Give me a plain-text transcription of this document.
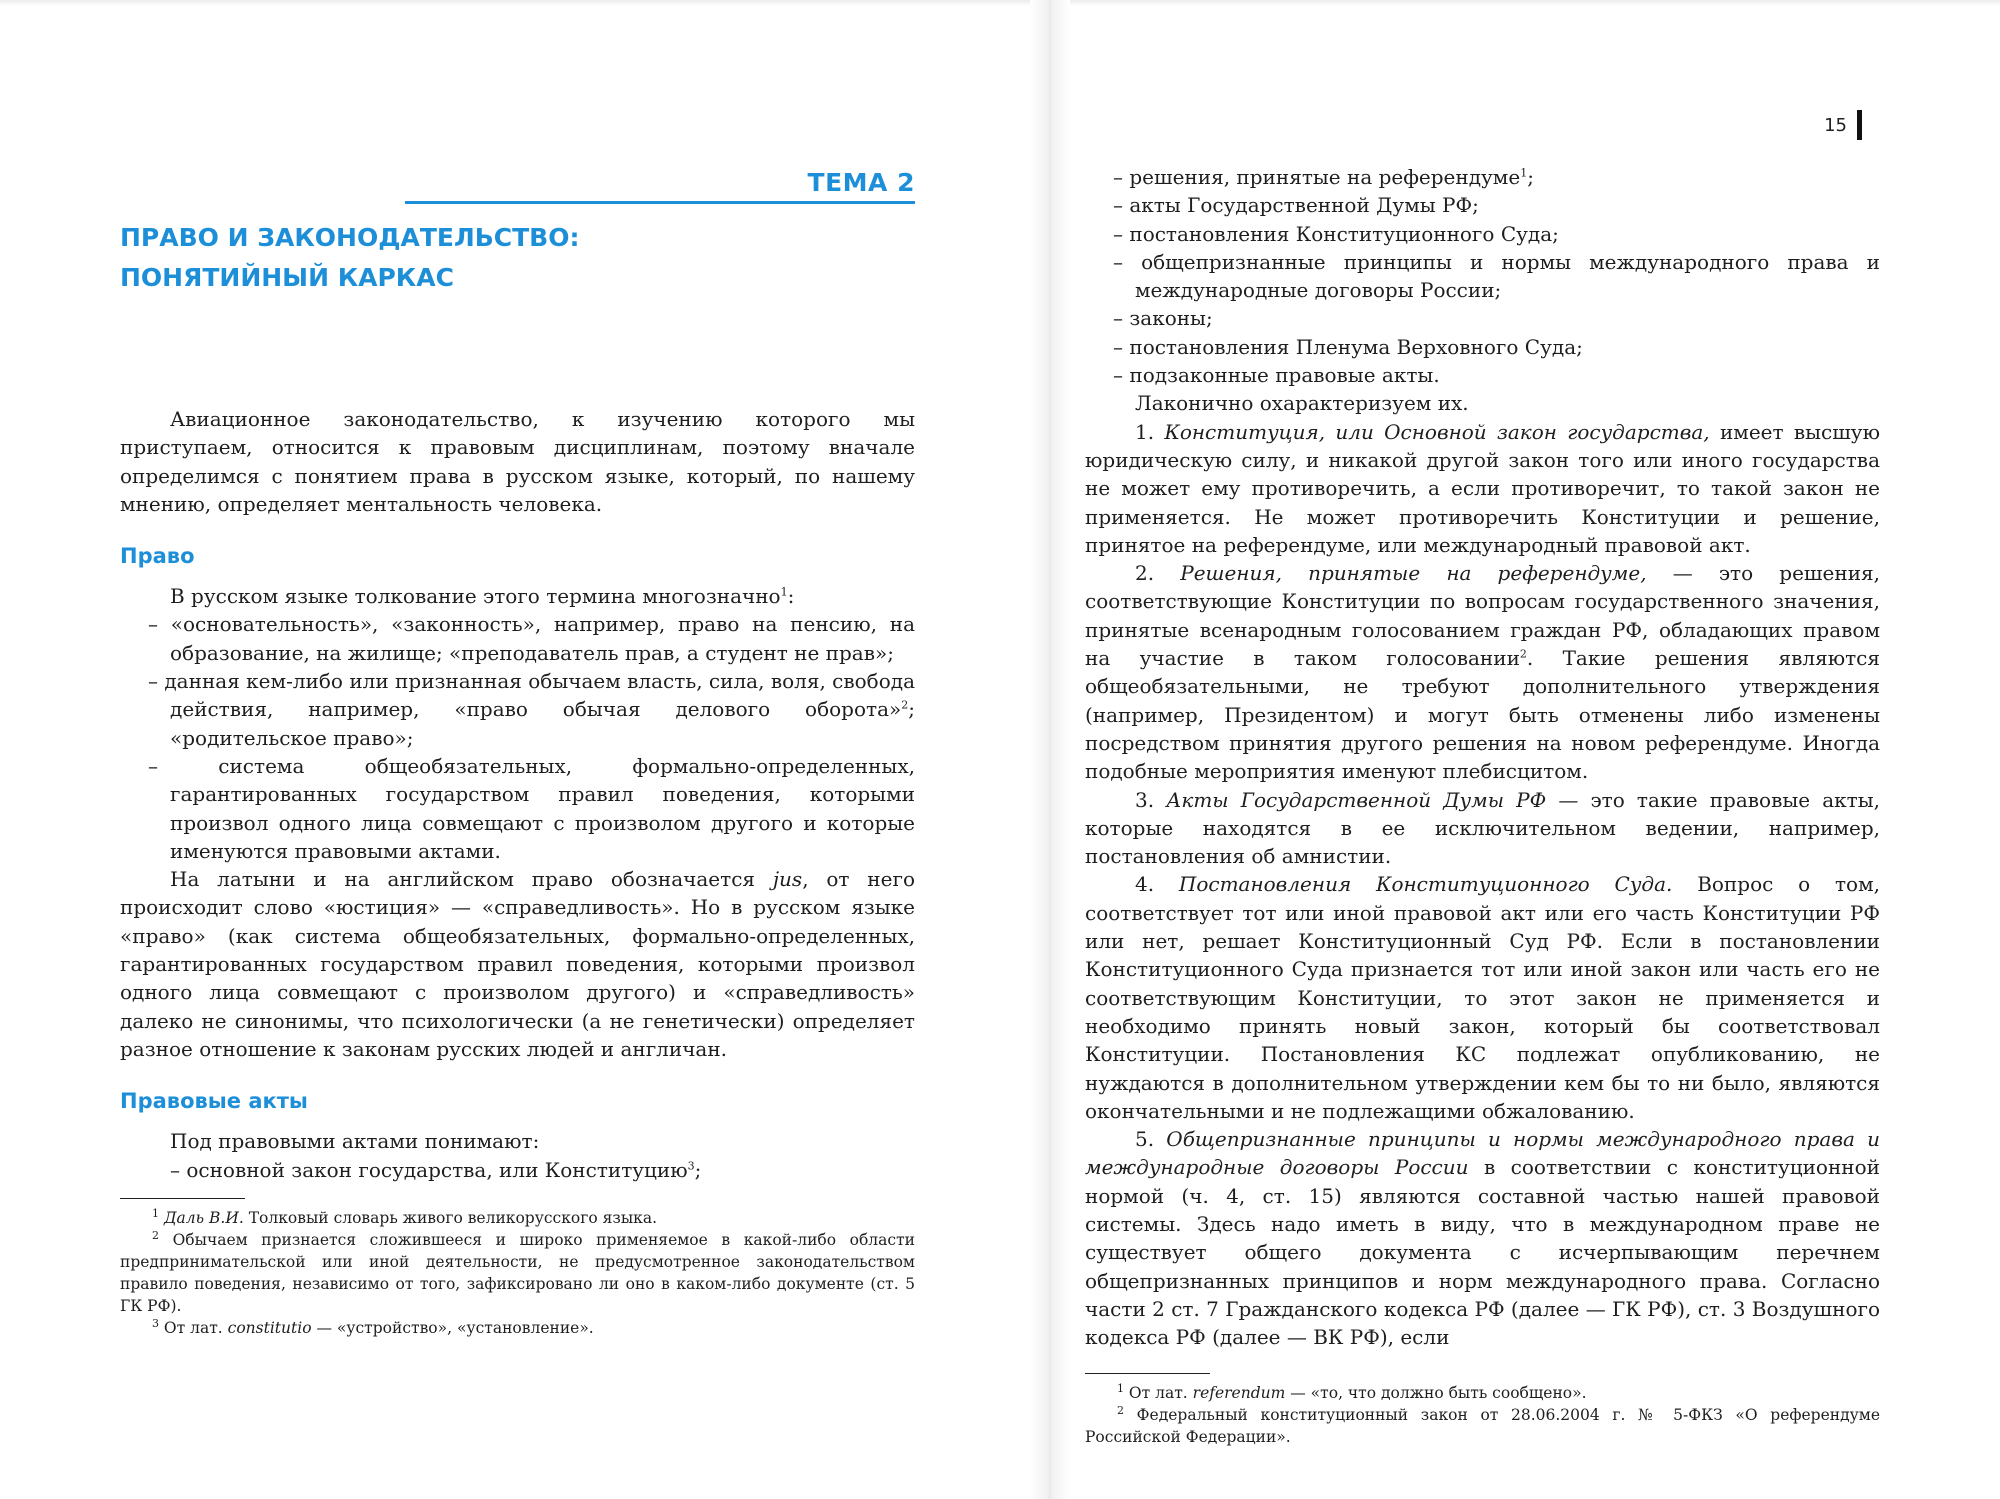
ТЕМА 2
ПРАВО И ЗАКОНОДАТЕЛЬСТВО:
ПОНЯТИЙНЫЙ КАРКАС

Авиационное законодательство, к изучению которого мы приступаем, относится к правовым дисциплинам, поэтому вначале определимся с понятием права в русском языке, который, по нашему мнению, определяет ментальность человека.

Право

В русском языке толкование этого термина многозначно$^1$:

– «основательность», «законность», например, право на пенсию, на образование, на жилище; «преподаватель прав, а студент не прав»;

– данная кем-либо или признанная обычаем власть, сила, воля, свобода действия, например, «право обычая делового оборота»$^2$; «родительское право»;

– система общеобязательных, формально-определенных, гарантированных государством правил поведения, которыми произвол одного лица совмещают с произволом другого и которые именуются правовыми актами.

На латыни и на английском право обозначается jus, от него происходит слово «юстиция» — «справедливость». Но в русском языке «право» (как система общеобязательных, формально-определенных, гарантированных государством правил поведения, которыми произвол одного лица совмещают с произволом другого) и «справедливость» далеко не синонимы, что психологически (а не генетически) определяет разное отношение к законам русских людей и англичан.

Правовые акты

Под правовыми актами понимают:

– основной закон государства, или Конституцию$^3$;

$^1$ Даль В.И. Толковый словарь живого великорусского языка.

$^2$ Обычаем признается сложившееся и широко применяемое в какой-либо области предпринимательской или иной деятельности, не предусмотренное законодательством правило поведения, независимо от того, зафиксировано ли оно в каком-либо документе (ст. 5 ГК РФ).

$^3$ От лат. constitutio — «устройство», «установление».

15

– решения, принятые на референдуме$^1$;

– акты Государственной Думы РФ;

– постановления Конституционного Суда;

– общепризнанные принципы и нормы международного права и международные договоры России;

– законы;

– постановления Пленума Верховного Суда;

– подзаконные правовые акты.

Лаконично охарактеризуем их.

1. Конституция, или Основной закон государства, имеет высшую юридическую силу, и никакой другой закон того или иного государства не может ему противоречить, а если противоречит, то такой закон не применяется. Не может противоречить Конституции и решение, принятое на референдуме, или международный правовой акт.

2. Решения, принятые на референдуме, — это решения, соответствующие Конституции по вопросам государственного значения, принятые всенародным голосованием граждан РФ, обладающих правом на участие в таком голосовании$^2$. Такие решения являются общеобязательными, не требуют дополнительного утверждения (например, Президентом) и могут быть отменены либо изменены посредством принятия другого решения на новом референдуме. Иногда подобные мероприятия именуют плебисцитом.

3. Акты Государственной Думы РФ — это такие правовые акты, которые находятся в ее исключительном ведении, например, постановления об амнистии.

4. Постановления Конституционного Суда. Вопрос о том, соответствует тот или иной правовой акт или его часть Конституции РФ или нет, решает Конституционный Суд РФ. Если в постановлении Конституционного Суда признается тот или иной закон или часть его не соответствующим Конституции, то этот закон не применяется и необходимо принять новый закон, который бы соответствовал Конституции. Постановления КС подлежат опубликованию, не нуждаются в дополнительном утверждении кем бы то ни было, являются окончательными и не подлежащими обжалованию.

5. Общепризнанные принципы и нормы международного права и международные договоры России в соответствии с конституционной нормой (ч. 4, ст. 15) являются составной частью нашей правовой системы. Здесь надо иметь в виду, что в международном праве не существует общего документа с исчерпывающим перечнем общепризнанных принципов и норм международного права. Согласно части 2 ст. 7 Гражданского кодекса РФ (далее — ГК РФ), ст. 3 Воздушного кодекса РФ (далее — ВК РФ), если

$^1$ От лат. referendum — «то, что должно быть сообщено».

$^2$ Федеральный конституционный закон от 28.06.2004 г. № 5-ФКЗ «О референдуме Российской Федерации».
